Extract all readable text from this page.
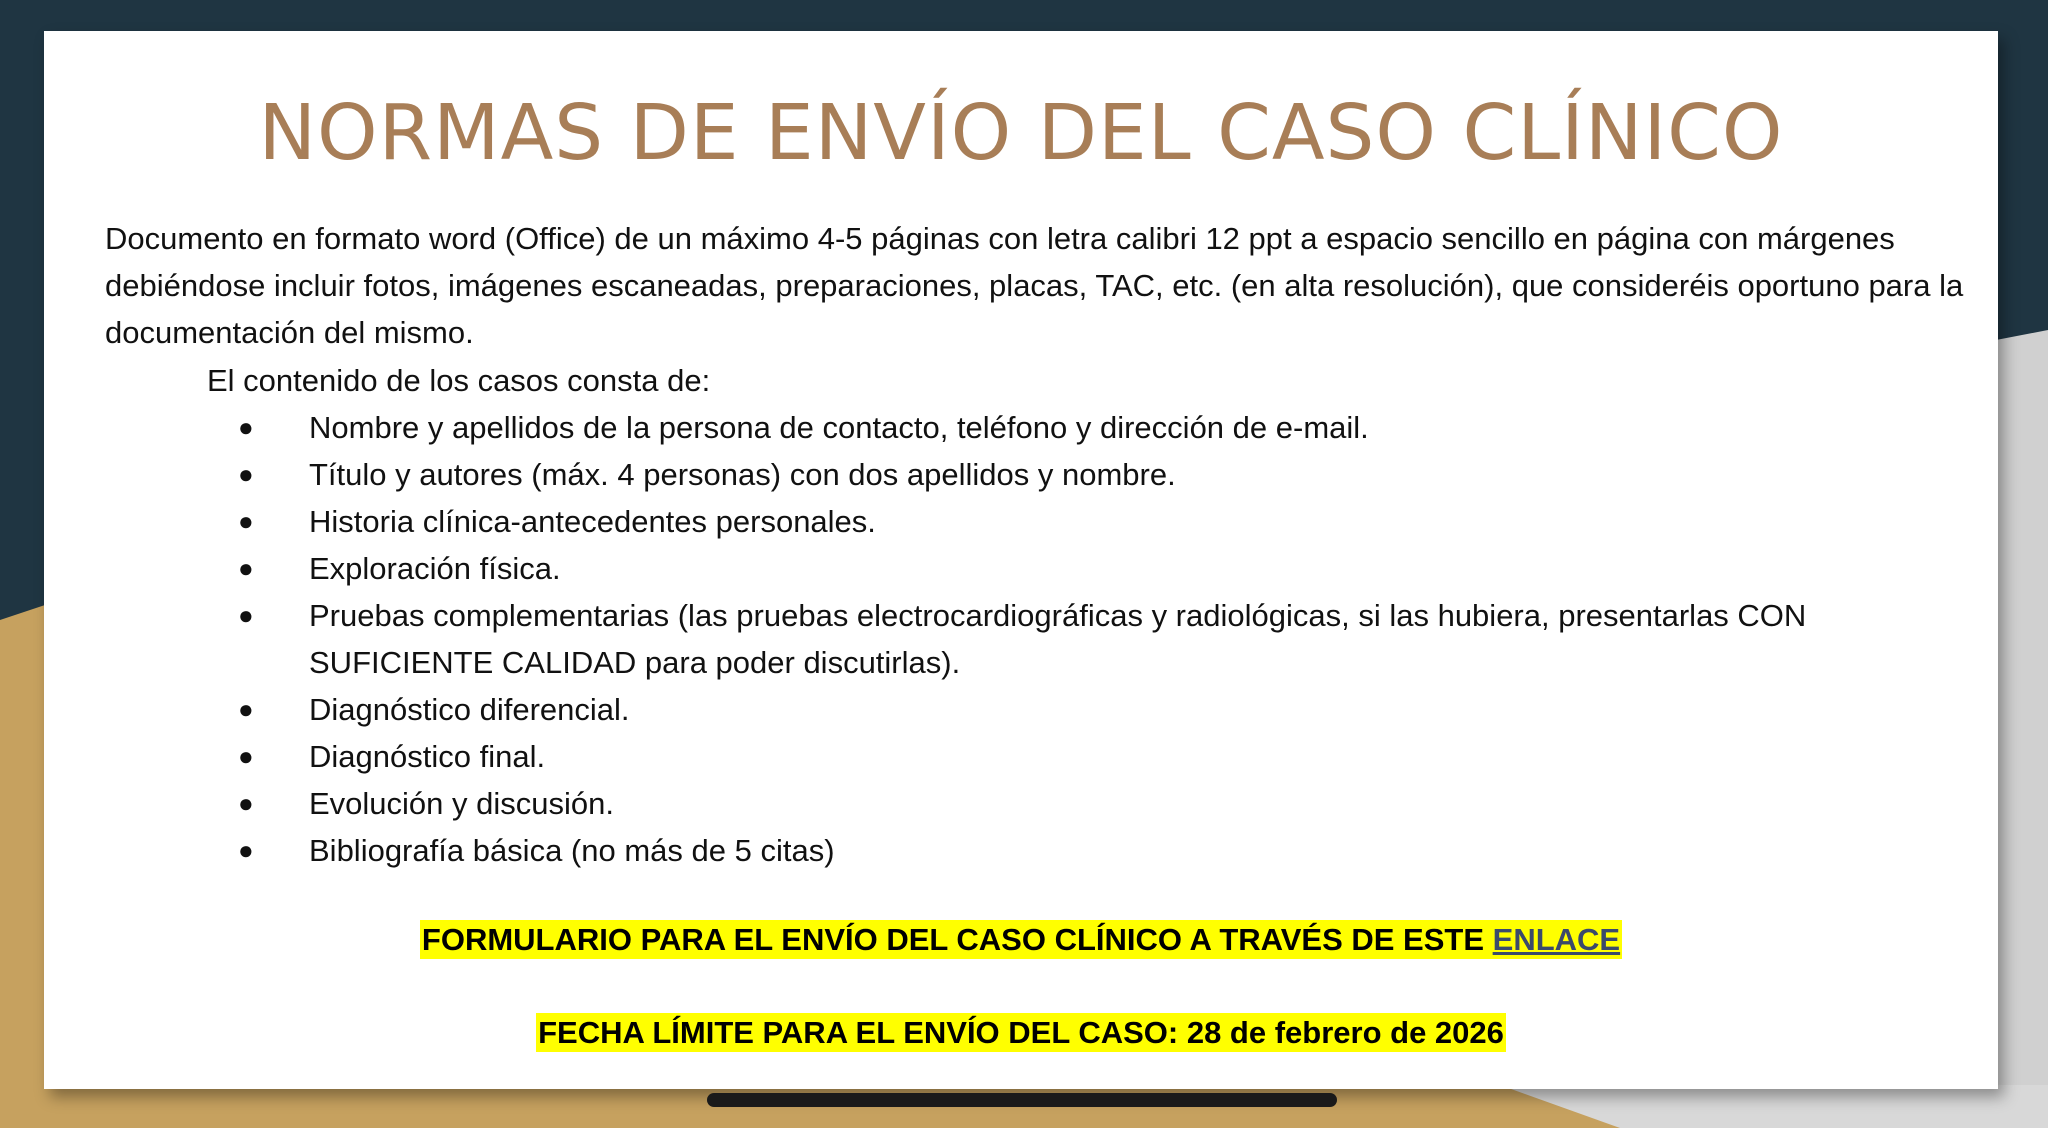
NORMAS DE ENVÍO DEL CASO CLÍNICO

Documento en formato word (Office) de un máximo 4-5 páginas con letra calibri 12 ppt a espacio sencillo en página con márgenes debiéndose incluir fotos, imágenes escaneadas, preparaciones, placas, TAC, etc. (en alta resolución), que consideréis oportuno para la documentación del mismo.

El contenido de los casos consta de:

● Nombre y apellidos de la persona de contacto, teléfono y dirección de e-mail.
● Título y autores (máx. 4 personas) con dos apellidos y nombre.
● Historia clínica-antecedentes personales.
● Exploración física.
● Pruebas complementarias (las pruebas electrocardiográficas y radiológicas, si las hubiera, presentarlas CON SUFICIENTE CALIDAD para poder discutirlas).
● Diagnóstico diferencial.
● Diagnóstico final.
● Evolución y discusión.
● Bibliografía básica (no más de 5 citas)
FORMULARIO PARA EL ENVÍO DEL CASO CLÍNICO A TRAVÉS DE ESTE ENLACE
FECHA LÍMITE PARA EL ENVÍO DEL CASO: 28 de febrero de 2026
